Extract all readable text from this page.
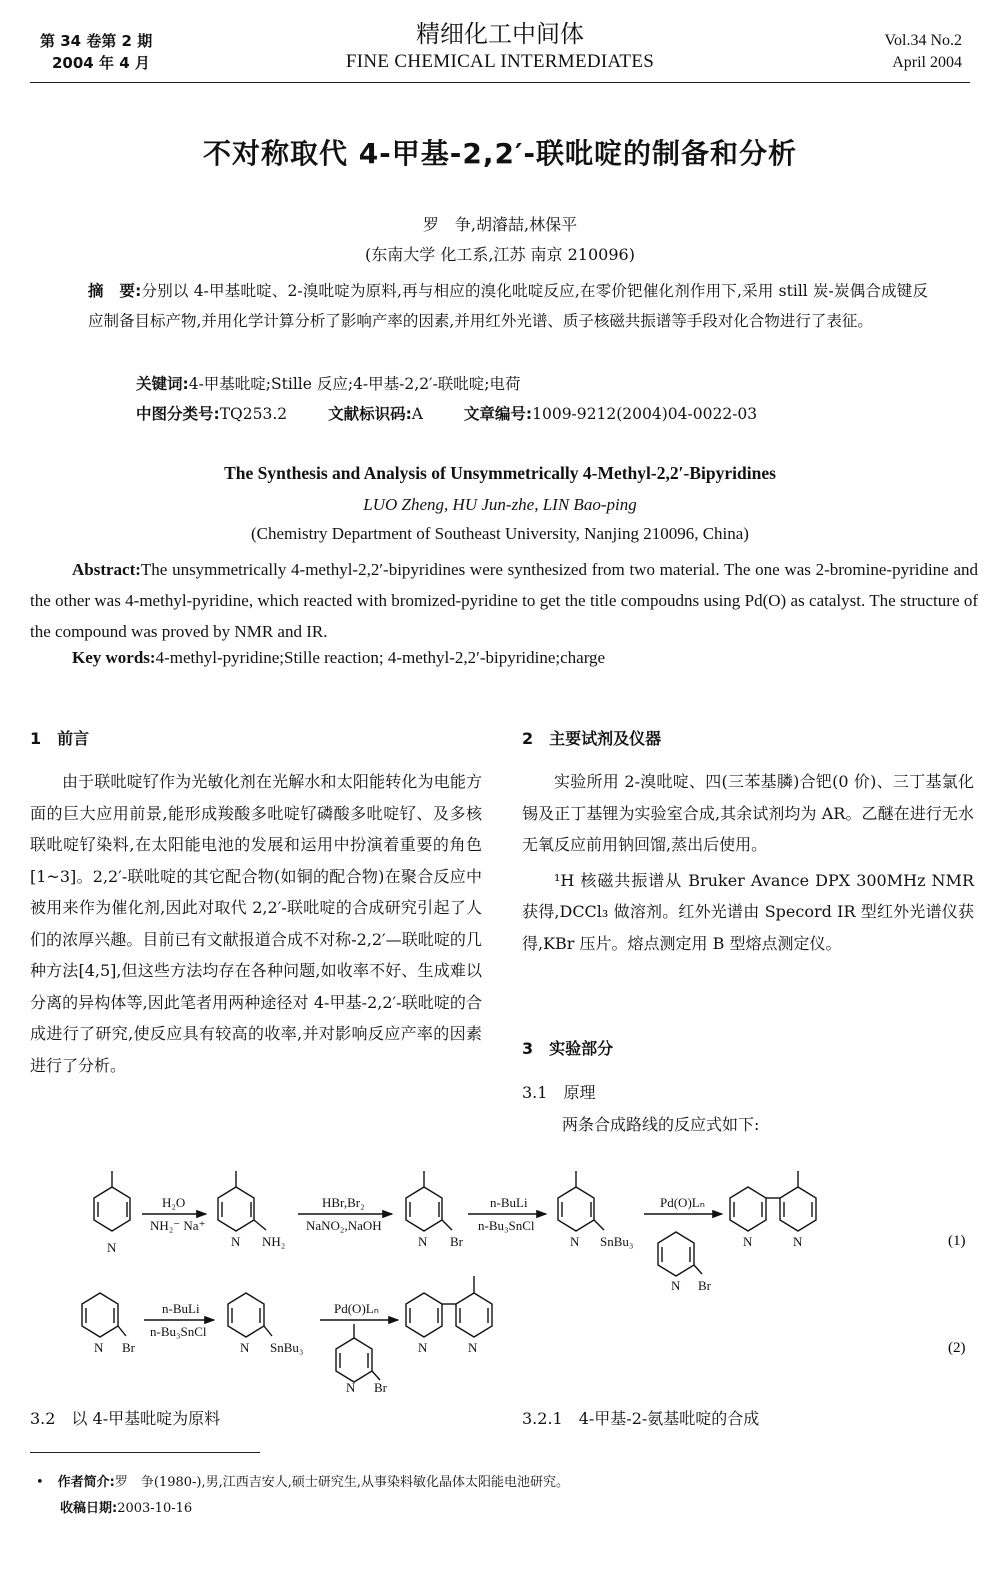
第 34 卷第 2 期
2004 年 4 月
精细化工中间体
FINE CHEMICAL INTERMEDIATES
Vol.34 No.2
April 2004
不对称取代 4-甲基-2,2′-联吡啶的制备和分析
罗　争,胡濬喆,林保平
(东南大学 化工系,江苏 南京 210096)
摘　要:分别以 4-甲基吡啶、2-溴吡啶为原料,再与相应的溴化吡啶反应,在零价钯催化剂作用下,采用 still 炭-炭偶合成键反应制备目标产物,并用化学计算分析了影响产率的因素,并用红外光谱、质子核磁共振谱等手段对化合物进行了表征。
关键词:4-甲基吡啶;Stille 反应;4-甲基-2,2′-联吡啶;电荷
中图分类号:TQ253.2	文献标识码:A	文章编号:1009-9212(2004)04-0022-03
The Synthesis and Analysis of Unsymmetrically 4-Methyl-2,2′-Bipyridines
LUO Zheng, HU Jun-zhe, LIN Bao-ping
(Chemistry Department of Southeast University, Nanjing 210096, China)
Abstract:The unsymmetrically 4-methyl-2,2′-bipyridines were synthesized from two material. The one was 2-bromine-pyridine and the other was 4-methyl-pyridine, which reacted with bromized-pyridine to get the title compoudns using Pd(O) as catalyst. The structure of the compound was proved by NMR and IR.
Key words:4-methyl-pyridine;Stille reaction; 4-methyl-2,2′-bipyridine;charge
1　前言

由于联吡啶钌作为光敏化剂在光解水和太阳能转化为电能方面的巨大应用前景,能形成羧酸多吡啶钌磷酸多吡啶钌、及多核联吡啶钌染料,在太阳能电池的发展和运用中扮演着重要的角色[1~3]。2,2′-联吡啶的其它配合物(如铜的配合物)在聚合反应中被用来作为催化剂,因此对取代 2,2′-联吡啶的合成研究引起了人们的浓厚兴趣。目前已有文献报道合成不对称-2,2′—联吡啶的几种方法[4,5],但这些方法均存在各种问题,如收率不好、生成难以分离的异构体等,因此笔者用两种途径对 4-甲基-2,2′-联吡啶的合成进行了研究,使反应具有较高的收率,并对影响反应产率的因素进行了分析。

2　主要试剂及仪器

实验所用 2-溴吡啶、四(三苯基膦)合钯(0 价)、三丁基氯化锡及正丁基锂为实验室合成,其余试剂均为 AR。乙醚在进行无水无氧反应前用钠回馏,蒸出后使用。

¹H 核磁共振谱从 Bruker Avance DPX 300MHz NMR 获得,DCCl₃ 做溶剂。红外光谱由 Specord IR 型红外光谱仪获得,KBr 压片。熔点测定用 B 型熔点测定仪。

3　实验部分
3.1　原理
两条合成路线的反应式如下:
N
H₂O
NH₂⁻ Na⁺
N NH₂
HBr,Br₂
NaNO₂,NaOH
N Br
n-BuLi
n-Bu₃SnCl
N SnBu₃
Pd(O)Lₙ
N Br
N	N
N Br
n-BuLi
n-Bu₃SnCl
N SnBu₃
Pd(O)Lₙ
N Br
N	N
(1)
(2)
3.2　以 4-甲基吡啶为原料	3.2.1　4-甲基-2-氨基吡啶的合成
• 作者简介:罗　争(1980-),男,江西吉安人,硕士研究生,从事染料敏化晶体太阳能电池研究。
收稿日期:2003-10-16
